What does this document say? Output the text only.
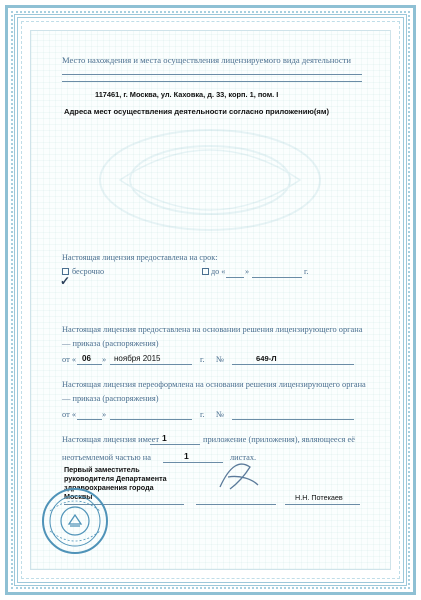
Место нахождения и места осуществления лицензируемого вида деятельности
117461, г. Москва, ул. Каховка, д. 33, корп. 1, пом. I
Адреса мест осуществления деятельности согласно приложению(ям)
Настоящая лицензия предоставлена на срок:
✓
бесрочно	до « »	г.
Настоящая лицензия предоставлена на основании решения лицензирующего органа
— приказа (распоряжения)
от « 06 » ноября 2015	г. №	649-Л
Настоящая лицензия переоформлена на основании решения лицензирующего органа
— приказа (распоряжения)
от «	»	г. №
Настоящая лицензия имеет 1	приложение (приложения), являющееся её
неотъемлемой частью на	1	листах.
Первый заместитель
руководителя Департамента
здравоохранения города
Москвы	Н.Н. Потекаев
